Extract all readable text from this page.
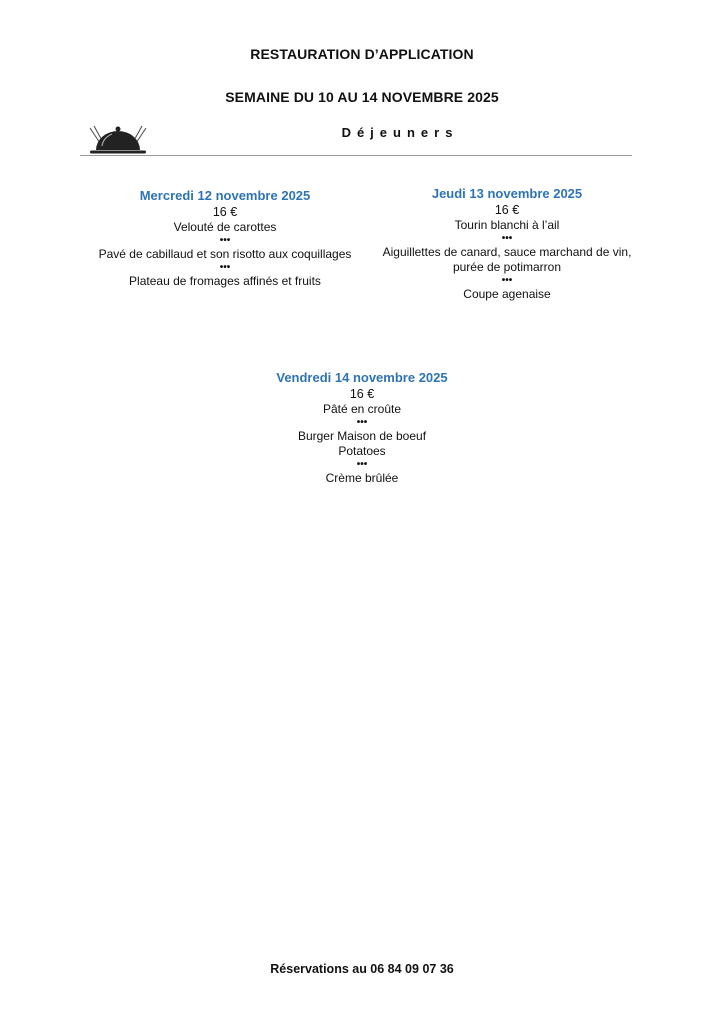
RESTAURATION D’APPLICATION
SEMAINE DU 10 AU 14 NOVEMBRE 2025
Déjeuners
Mercredi 12 novembre 2025
16 €
Velouté de carottes
•••
Pavé de cabillaud et son risotto aux coquillages
•••
Plateau de fromages affinés et fruits
Jeudi 13 novembre 2025
16 €
Tourin blanchi à l’ail
•••
Aiguillettes de canard, sauce marchand de vin,
purée de potimarron
•••
Coupe agenaise
Vendredi 14 novembre 2025
16 €
Pâté en croûte
•••
Burger Maison de boeuf
Potatoes
•••
Crème brûlée
Réservations au 06 84 09 07 36
